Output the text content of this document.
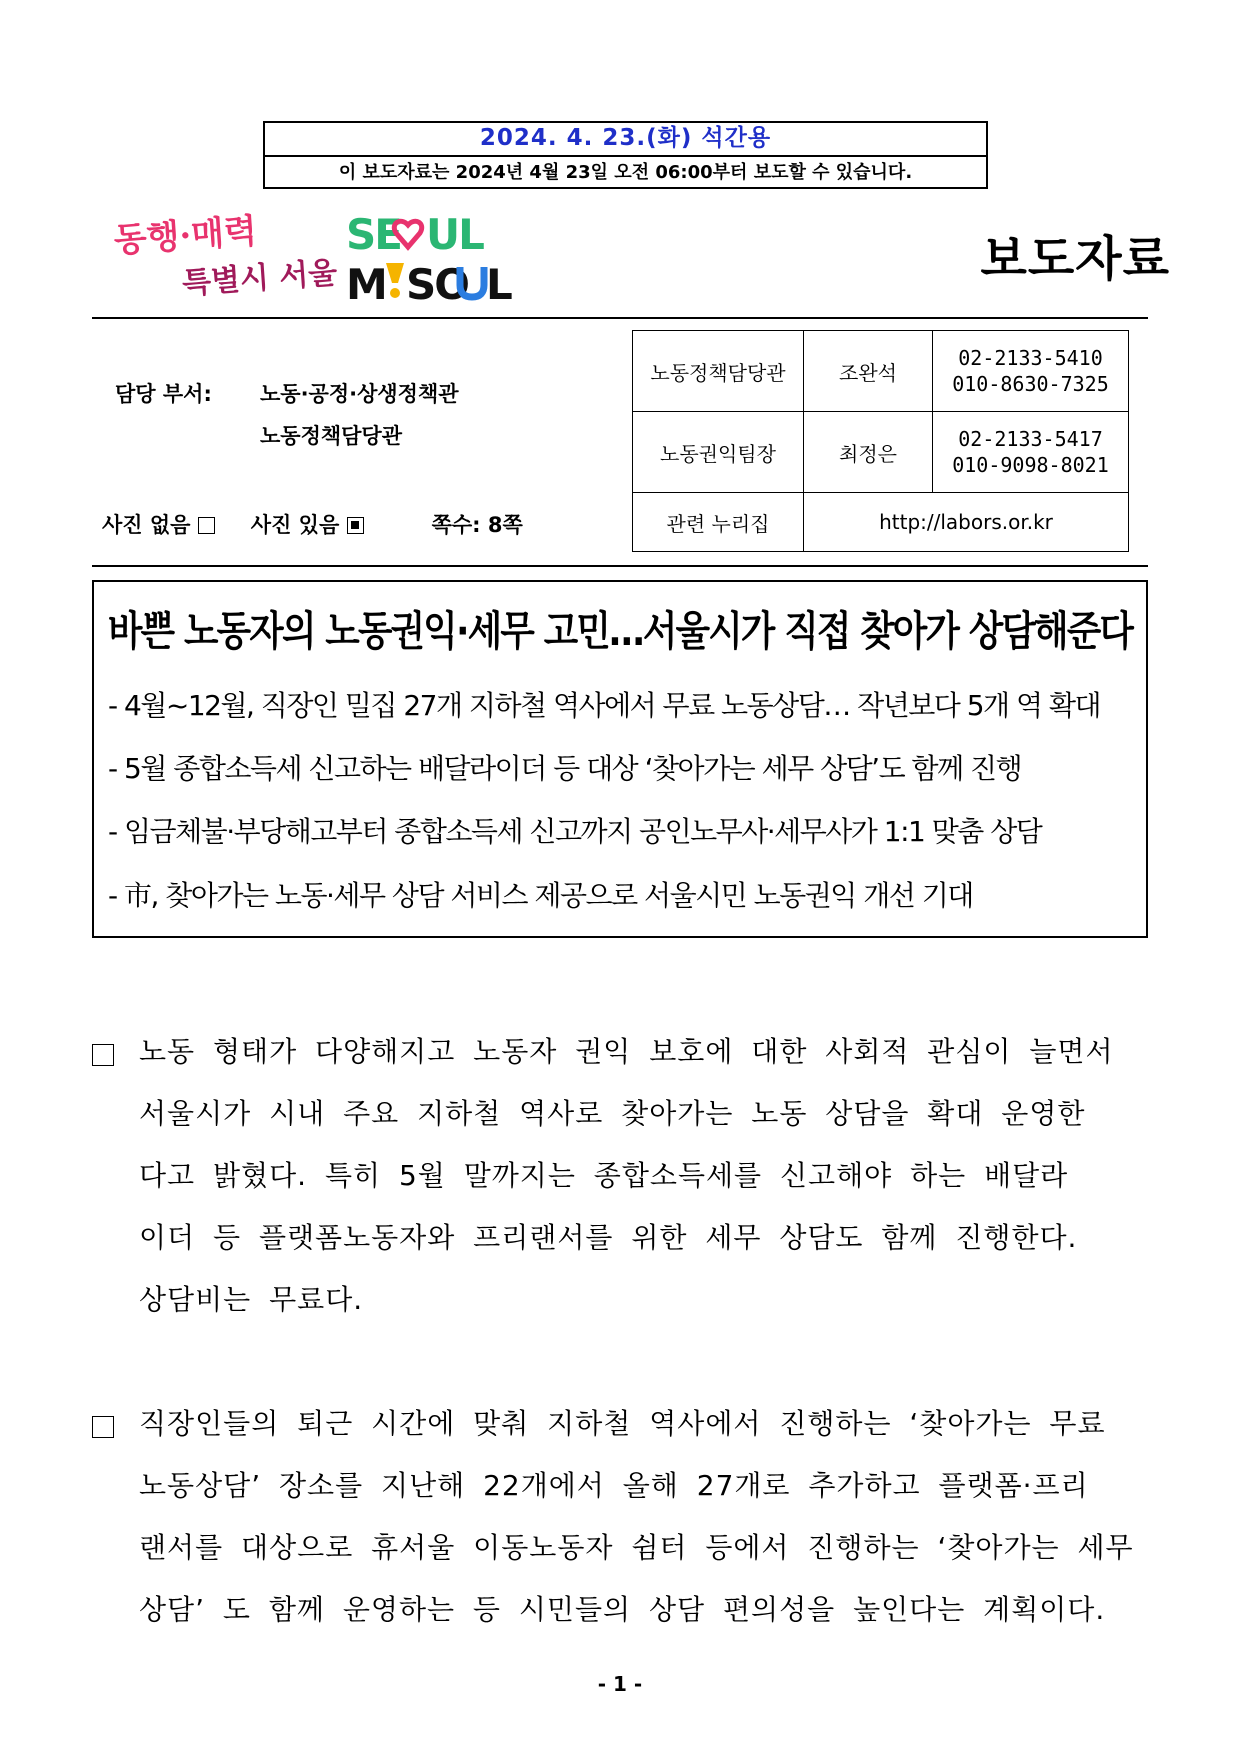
2024. 4. 23.(화) 석간용
이 보도자료는 2024년 4월 23일 오전 06:00부터 보도할 수 있습니다.
동행·매력
특별시 서울
SE UL
M SO L	보도자료
담당 부서: 노동·공정·상생정책관
노동정책담당관
사진 없음	사진 있음	쪽수: 8쪽
노동정책담당관	조완석	02-2133-5410
010-8630-7325

노동권익팀장	최정은	02-2133-5417
010-9098-8021

관련 누리집	http://labors.or.kr	
바쁜 노동자의 노동권익·세무 고민…서울시가 직접 찾아가 상담해준다
- 4월~12월, 직장인 밀집 27개 지하철 역사에서 무료 노동상담… 작년보다 5개 역 확대
- 5월 종합소득세 신고하는 배달라이더 등 대상 ‘찾아가는 세무 상담’도 함께 진행
- 임금체불·부당해고부터 종합소득세 신고까지 공인노무사·세무사가 1:1 맞춤 상담
- 市, 찾아가는 노동·세무 상담 서비스 제공으로 서울시민 노동권익 개선 기대
노동 형태가 다양해지고 노동자 권익 보호에 대한 사회적 관심이 늘면서
서울시가 시내 주요 지하철 역사로 찾아가는 노동 상담을 확대 운영한
다고 밝혔다. 특히 5월 말까지는 종합소득세를 신고해야 하는 배달라
이더 등 플랫폼노동자와 프리랜서를 위한 세무 상담도 함께 진행한다.
상담비는 무료다.
직장인들의 퇴근 시간에 맞춰 지하철 역사에서 진행하는 ‘찾아가는 무료
노동상담’ 장소를 지난해 22개에서 올해 27개로 추가하고 플랫폼·프리
랜서를 대상으로 휴서울 이동노동자 쉼터 등에서 진행하는 ‘찾아가는 세무
상담’ 도 함께 운영하는 등 시민들의 상담 편의성을 높인다는 계획이다.
- 1 -
